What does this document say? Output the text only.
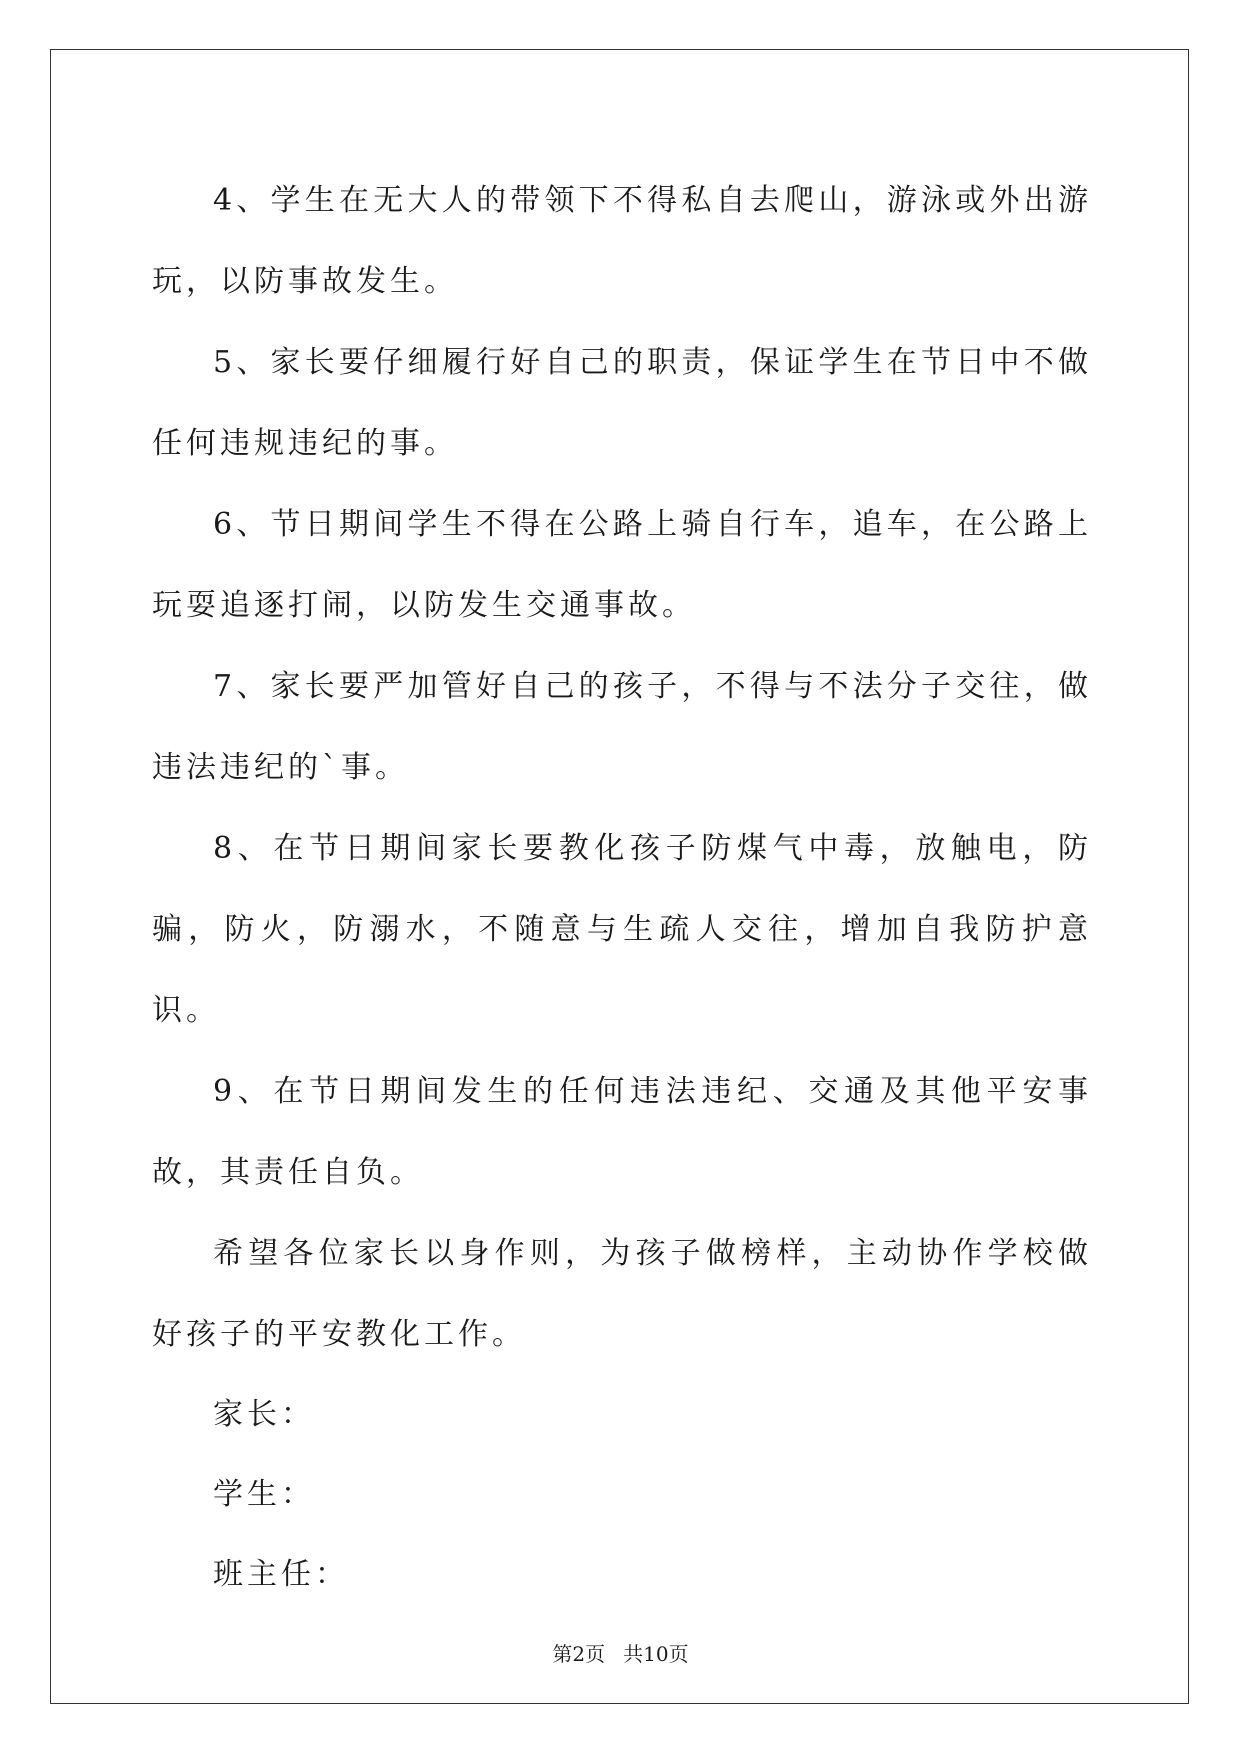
4、学生在无大人的带领下不得私自去爬山，游泳或外出游玩，以防事故发生。

5、家长要仔细履行好自己的职责，保证学生在节日中不做任何违规违纪的事。

6、节日期间学生不得在公路上骑自行车，追车，在公路上玩耍追逐打闹，以防发生交通事故。

7、家长要严加管好自己的孩子，不得与不法分子交往，做违法违纪的`事。

8、在节日期间家长要教化孩子防煤气中毒，放触电，防骗，防火，防溺水，不随意与生疏人交往，增加自我防护意识。

9、在节日期间发生的任何违法违纪、交通及其他平安事故，其责任自负。

希望各位家长以身作则，为孩子做榜样，主动协作学校做好孩子的平安教化工作。

家长：

学生：

班主任：

第2页 共10页
